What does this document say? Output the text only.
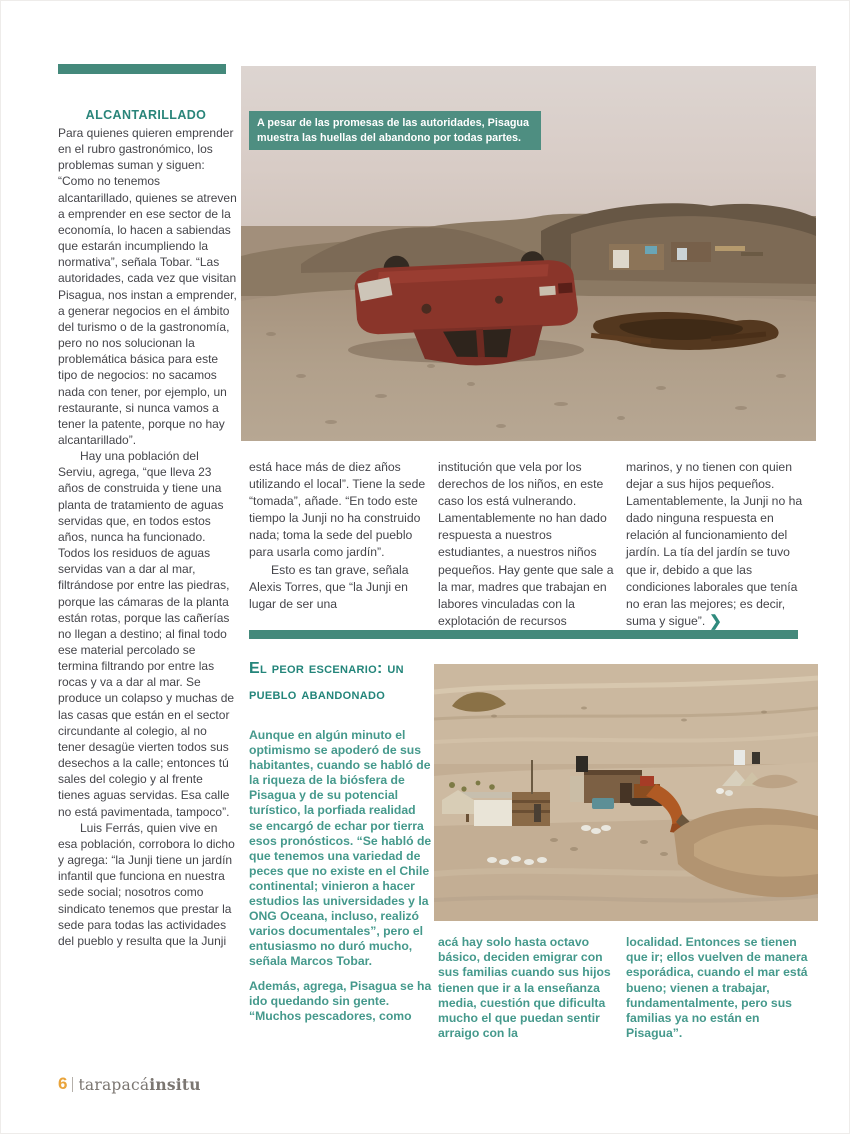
ALCANTARILLADO

Para quienes quieren emprender en el rubro gastronómico, los problemas suman y siguen: “Como no tenemos alcantarillado, quienes se atreven a emprender en ese sector de la economía, lo hacen a sabiendas que estarán incumpliendo la normativa”, señala Tobar. “Las autoridades, cada vez que visitan Pisagua, nos instan a emprender, a generar negocios en el ámbito del turismo o de la gastronomía, pero no nos solucionan la problemática básica para este tipo de negocios: no sacamos nada con tener, por ejemplo, un restaurante, si nunca vamos a tener la patente, porque no hay alcantarillado”.

Hay una población del Serviu, agrega, “que lleva 23 años de construida y tiene una planta de tratamiento de aguas servidas que, en todos estos años, nunca ha funcionado. Todos los residuos de aguas servidas van a dar al mar, filtrándose por entre las piedras, porque las cámaras de la planta están rotas, porque las cañerías no llegan a destino; al final todo ese material percolado se termina filtrando por entre las rocas y va a dar al mar. Se produce un colapso y muchas de las casas que están en el sector circundante al colegio, al no tener desagüe vierten todos sus desechos a la calle; entonces tú sales del colegio y al frente tienes aguas servidas. Esa calle no está pavimentada, tampoco”.

Luis Ferrás, quien vive en esa población, corrobora lo dicho y agrega: “la Junji tiene un jardín infantil que funciona en nuestra sede social; nosotros como sindicato tenemos que prestar la sede para todas las actividades del pueblo y resulta que la Junji

A pesar de las promesas de las autoridades, Pisagua muestra las huellas del abandono por todas partes.

está hace más de diez años utilizando el local”. Tiene la sede “tomada”, añade. “En todo este tiempo la Junji no ha construido nada; toma la sede del pueblo para usarla como jardín”.

Esto es tan grave, señala Alexis Torres, que “la Junji en lugar de ser una

institución que vela por los derechos de los niños, en este caso los está vulnerando. Lamentablemente no han dado respuesta a nuestros estudiantes, a nuestros niños pequeños. Hay gente que sale a la mar, madres que trabajan en labores vinculadas con la explotación de recursos

marinos, y no tienen con quien dejar a sus hijos pequeños. Lamentablemente, la Junji no ha dado ninguna respuesta en relación al funcionamiento del jardín. La tía del jardín se tuvo que ir, debido a que las condiciones laborales que tenía no eran las mejores; es decir, suma y sigue”. ❯

El peor escenario: un
pueblo abandonado

Aunque en algún minuto el optimismo se apoderó de sus habitantes, cuando se habló de la riqueza de la biósfera de Pisagua y de su potencial turístico, la porfiada realidad se encargó de echar por tierra esos pronósticos. “Se habló de que tenemos una variedad de peces que no existe en el Chile continental; vinieron a hacer estudios las universidades y la ONG Oceana, incluso, realizó varios documentales”, pero el entusiasmo no duró mucho, señala Marcos Tobar.

Además, agrega, Pisagua se ha ido quedando sin gente. “Muchos pescadores, como

acá hay solo hasta octavo básico, deciden emigrar con sus familias cuando sus hijos tienen que ir a la enseñanza media, cuestión que dificulta mucho el que puedan sentir arraigo con la

localidad. Entonces se tienen que ir; ellos vuelven de manera esporádica, cuando el mar está bueno; vienen a trabajar, fundamentalmente, pero sus familias ya no están en Pisagua”.

6 tarapacáinsitu
